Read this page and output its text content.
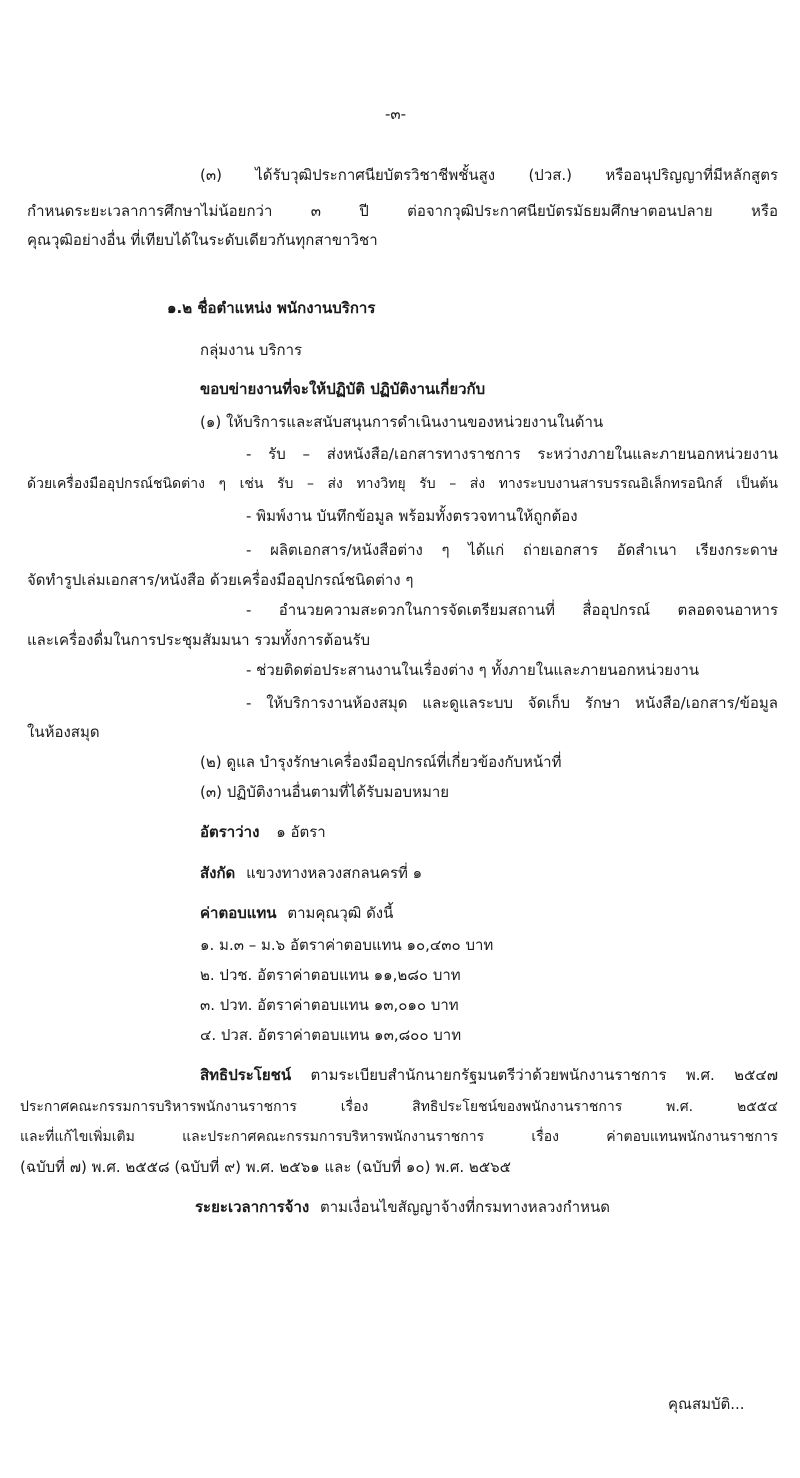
-๓-
(๓) ได้รับวุฒิประกาศนียบัตรวิชาชีพชั้นสูง (ปวส.) หรืออนุปริญญาที่มีหลักสูตร
กำหนดระยะเวลาการศึกษาไม่น้อยกว่า ๓ ปี ต่อจากวุฒิประกาศนียบัตรมัธยมศึกษาตอนปลาย หรือ
คุณวุฒิอย่างอื่น ที่เทียบได้ในระดับเดียวกันทุกสาขาวิชา
๑.๒ ชื่อตำแหน่ง พนักงานบริการ
กลุ่มงาน บริการ
ขอบข่ายงานที่จะให้ปฏิบัติ ปฏิบัติงานเกี่ยวกับ
(๑) ให้บริการและสนับสนุนการดำเนินงานของหน่วยงานในด้าน
- รับ – ส่งหนังสือ/เอกสารทางราชการ ระหว่างภายในและภายนอกหน่วยงาน
ด้วยเครื่องมืออุปกรณ์ชนิดต่าง ๆ เช่น รับ – ส่ง ทางวิทยุ รับ – ส่ง ทางระบบงานสารบรรณอิเล็กทรอนิกส์ เป็นต้น
- พิมพ์งาน บันทึกข้อมูล พร้อมทั้งตรวจทานให้ถูกต้อง
- ผลิตเอกสาร/หนังสือต่าง ๆ ได้แก่ ถ่ายเอกสาร อัดสำเนา เรียงกระดาษ
จัดทำรูปเล่มเอกสาร/หนังสือ ด้วยเครื่องมืออุปกรณ์ชนิดต่าง ๆ
- อำนวยความสะดวกในการจัดเตรียมสถานที่ สื่ออุปกรณ์ ตลอดจนอาหาร
และเครื่องดื่มในการประชุมสัมมนา รวมทั้งการต้อนรับ
- ช่วยติดต่อประสานงานในเรื่องต่าง ๆ ทั้งภายในและภายนอกหน่วยงาน
- ให้บริการงานห้องสมุด และดูแลระบบ จัดเก็บ รักษา หนังสือ/เอกสาร/ข้อมูล
ในห้องสมุด
(๒) ดูแล บำรุงรักษาเครื่องมืออุปกรณ์ที่เกี่ยวข้องกับหน้าที่
(๓) ปฏิบัติงานอื่นตามที่ได้รับมอบหมาย
อัตราว่าง ๑ อัตรา
สังกัด แขวงทางหลวงสกลนครที่ ๑
ค่าตอบแทน ตามคุณวุฒิ ดังนี้
๑. ม.๓ – ม.๖ อัตราค่าตอบแทน ๑๐,๔๓๐ บาท
๒. ปวช. อัตราค่าตอบแทน ๑๑,๒๘๐ บาท
๓. ปวท. อัตราค่าตอบแทน ๑๓,๐๑๐ บาท
๔. ปวส. อัตราค่าตอบแทน ๑๓,๘๐๐ บาท
สิทธิประโยชน์ ตามระเบียบสำนักนายกรัฐมนตรีว่าด้วยพนักงานราชการ พ.ศ. ๒๕๔๗
ประกาศคณะกรรมการบริหารพนักงานราชการ เรื่อง สิทธิประโยชน์ของพนักงานราชการ พ.ศ. ๒๕๕๔
และที่แก้ไขเพิ่มเติม และประกาศคณะกรรมการบริหารพนักงานราชการ เรื่อง ค่าตอบแทนพนักงานราชการ
(ฉบับที่ ๗) พ.ศ. ๒๕๕๘ (ฉบับที่ ๙) พ.ศ. ๒๕๖๑ และ (ฉบับที่ ๑๐) พ.ศ. ๒๕๖๕
ระยะเวลาการจ้าง ตามเงื่อนไขสัญญาจ้างที่กรมทางหลวงกำหนด
คุณสมบัติ...
